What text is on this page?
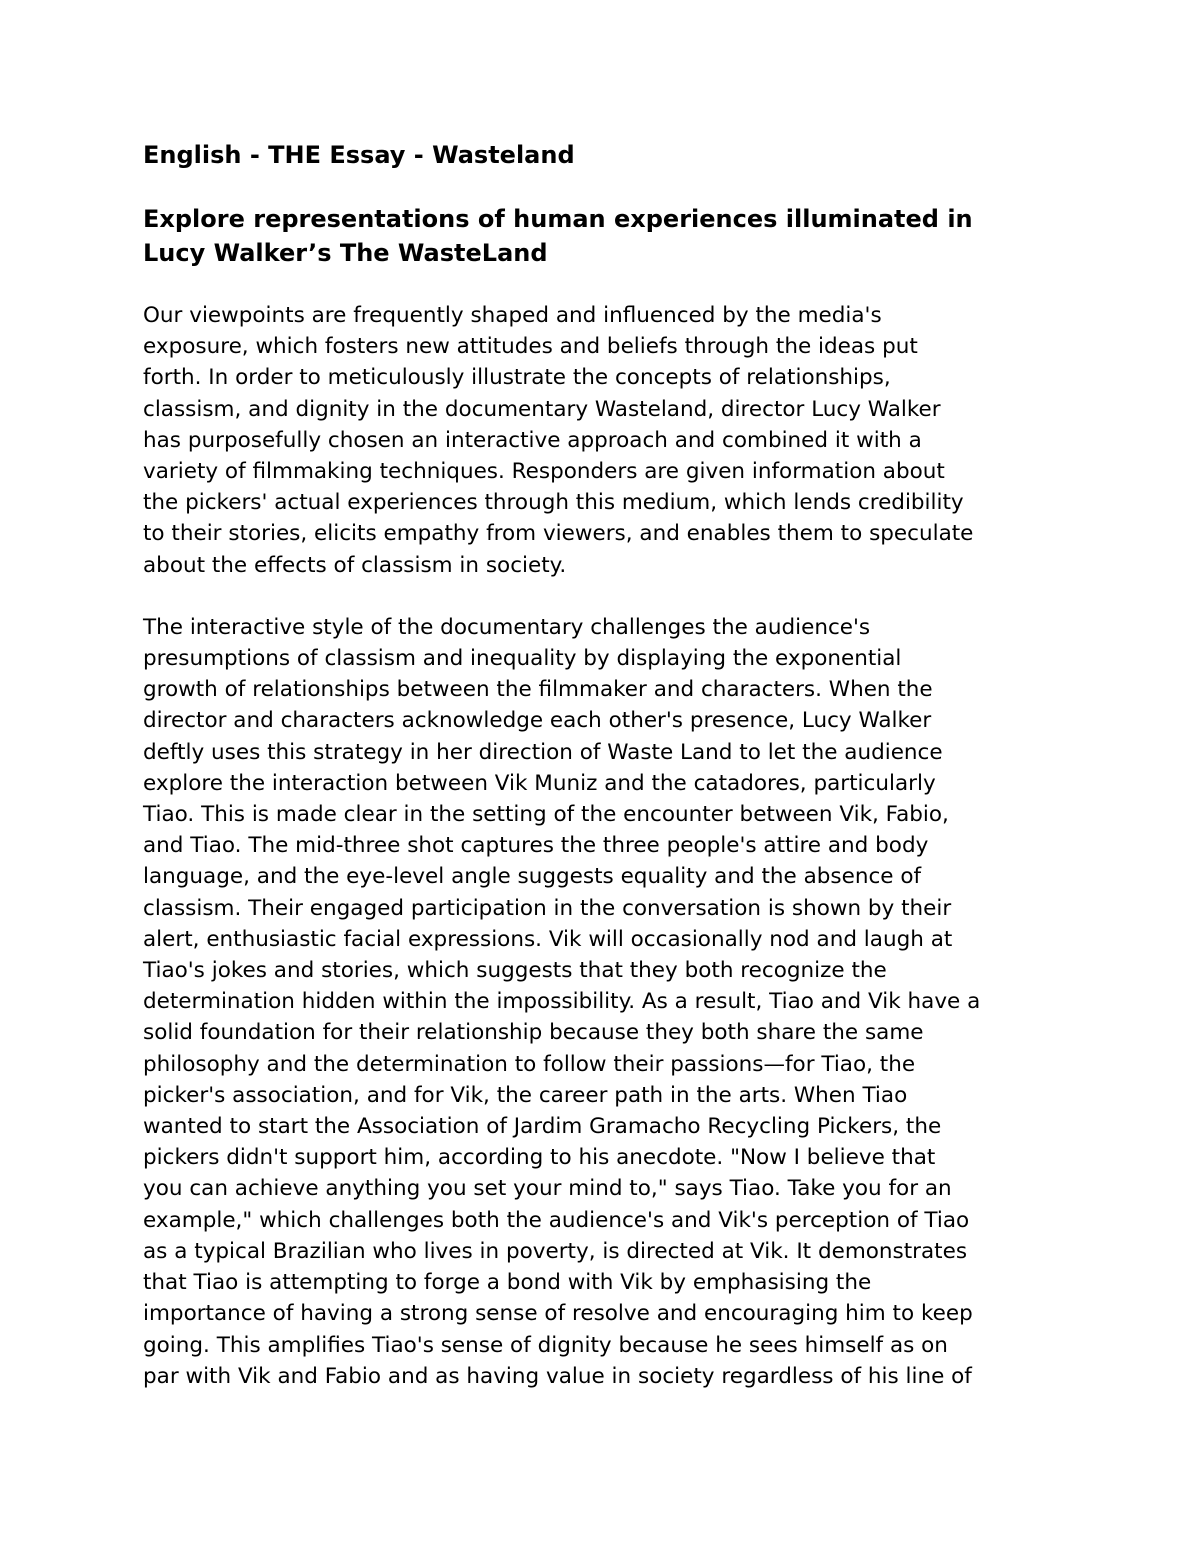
English - THE Essay - Wasteland
Explore representations of human experiences illuminated in Lucy Walker’s The WasteLand
Our viewpoints are frequently shaped and influenced by the media's
exposure, which fosters new attitudes and beliefs through the ideas put
forth. In order to meticulously illustrate the concepts of relationships,
classism, and dignity in the documentary Wasteland, director Lucy Walker
has purposefully chosen an interactive approach and combined it with a
variety of filmmaking techniques. Responders are given information about
the pickers' actual experiences through this medium, which lends credibility
to their stories, elicits empathy from viewers, and enables them to speculate
about the effects of classism in society.
The interactive style of the documentary challenges the audience's
presumptions of classism and inequality by displaying the exponential
growth of relationships between the filmmaker and characters. When the
director and characters acknowledge each other's presence, Lucy Walker
deftly uses this strategy in her direction of Waste Land to let the audience
explore the interaction between Vik Muniz and the catadores, particularly
Tiao. This is made clear in the setting of the encounter between Vik, Fabio,
and Tiao. The mid-three shot captures the three people's attire and body
language, and the eye-level angle suggests equality and the absence of
classism. Their engaged participation in the conversation is shown by their
alert, enthusiastic facial expressions. Vik will occasionally nod and laugh at
Tiao's jokes and stories, which suggests that they both recognize the
determination hidden within the impossibility. As a result, Tiao and Vik have a
solid foundation for their relationship because they both share the same
philosophy and the determination to follow their passions—for Tiao, the
picker's association, and for Vik, the career path in the arts. When Tiao
wanted to start the Association of Jardim Gramacho Recycling Pickers, the
pickers didn't support him, according to his anecdote. "Now I believe that
you can achieve anything you set your mind to," says Tiao. Take you for an
example," which challenges both the audience's and Vik's perception of Tiao
as a typical Brazilian who lives in poverty, is directed at Vik. It demonstrates
that Tiao is attempting to forge a bond with Vik by emphasising the
importance of having a strong sense of resolve and encouraging him to keep
going. This amplifies Tiao's sense of dignity because he sees himself as on
par with Vik and Fabio and as having value in society regardless of his line of
